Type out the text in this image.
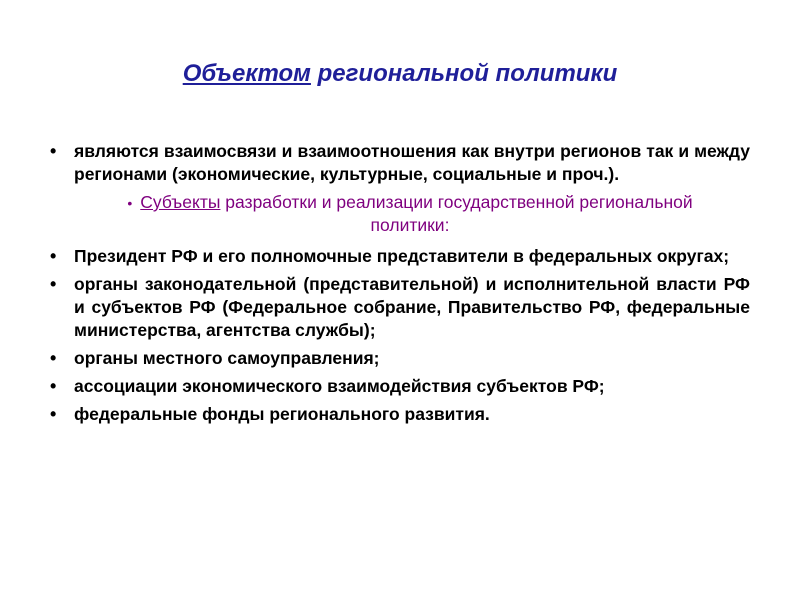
Объектом региональной политики
•	являются взаимосвязи и взаимоотношения как внутри регионов так и между регионами (экономические, культурные, социальные и проч.).
• Субъекты разработки и реализации государственной региональной политики:
•	Президент РФ и его полномочные представители в федеральных округах;
•	органы законодательной (представительной) и исполнительной власти РФ и субъектов РФ (Федеральное собрание, Правительство РФ, федеральные министерства, агентства службы);
•	органы местного самоуправления;
•	ассоциации экономического взаимодействия субъектов РФ;
•	федеральные фонды регионального развития.
